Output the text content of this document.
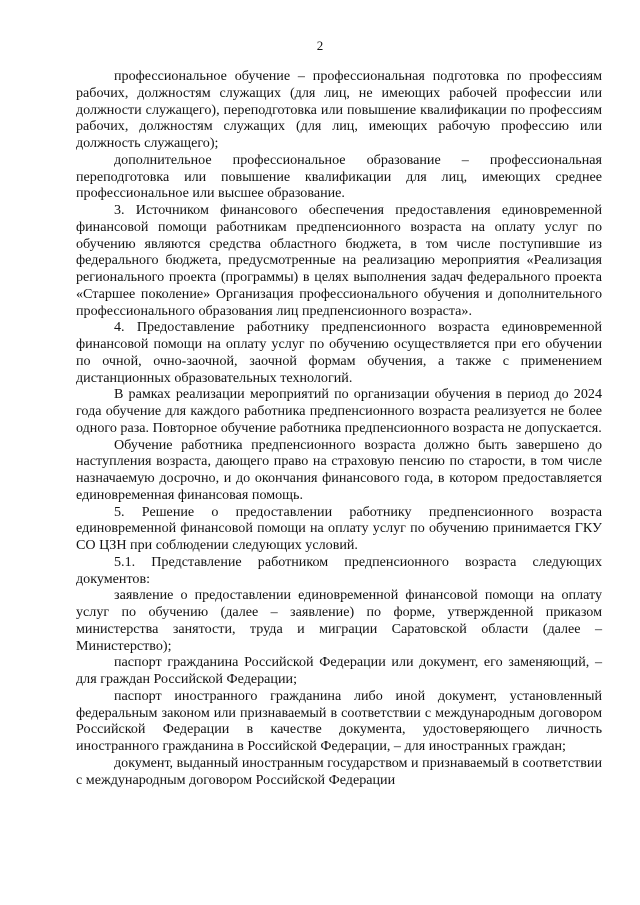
2

профессиональное обучение – профессиональная подготовка по профессиям рабочих, должностям служащих (для лиц, не имеющих рабочей профессии или должности служащего), переподготовка или повышение квалификации по профессиям рабочих, должностям служащих (для лиц, имеющих рабочую профессию или должность служащего);

дополнительное профессиональное образование – профессиональная переподготовка или повышение квалификации для лиц, имеющих среднее профессиональное или высшее образование.

3. Источником финансового обеспечения предоставления единовременной финансовой помощи работникам предпенсионного возраста на оплату услуг по обучению являются средства областного бюджета, в том числе поступившие из федерального бюджета, предусмотренные на реализацию мероприятия «Реализация регионального проекта (программы) в целях выполнения задач федерального проекта «Старшее поколение» Организация профессионального обучения и дополнительного профессионального образования лиц предпенсионного возраста».

4. Предоставление работнику предпенсионного возраста единовременной финансовой помощи на оплату услуг по обучению осуществляется при его обучении по очной, очно-заочной, заочной формам обучения, а также с применением дистанционных образовательных технологий.

В рамках реализации мероприятий по организации обучения в период до 2024 года обучение для каждого работника предпенсионного возраста реализуется не более одного раза. Повторное обучение работника предпенсионного возраста не допускается.

Обучение работника предпенсионного возраста должно быть завершено до наступления возраста, дающего право на страховую пенсию по старости, в том числе назначаемую досрочно, и до окончания финансового года, в котором предоставляется единовременная финансовая помощь.

5. Решение о предоставлении работнику предпенсионного возраста единовременной финансовой помощи на оплату услуг по обучению принимается ГКУ СО ЦЗН при соблюдении следующих условий.

5.1. Представление работником предпенсионного возраста следующих документов:

заявление о предоставлении единовременной финансовой помощи на оплату услуг по обучению (далее – заявление) по форме, утвержденной приказом министерства занятости, труда и миграции Саратовской области (далее – Министерство);

паспорт гражданина Российской Федерации или документ, его заменяющий, – для граждан Российской Федерации;

паспорт иностранного гражданина либо иной документ, установленный федеральным законом или признаваемый в соответствии с международным договором Российской Федерации в качестве документа, удостоверяющего личность иностранного гражданина в Российской Федерации, – для иностранных граждан;

документ, выданный иностранным государством и признаваемый в соответствии с международным договором Российской Федерации
